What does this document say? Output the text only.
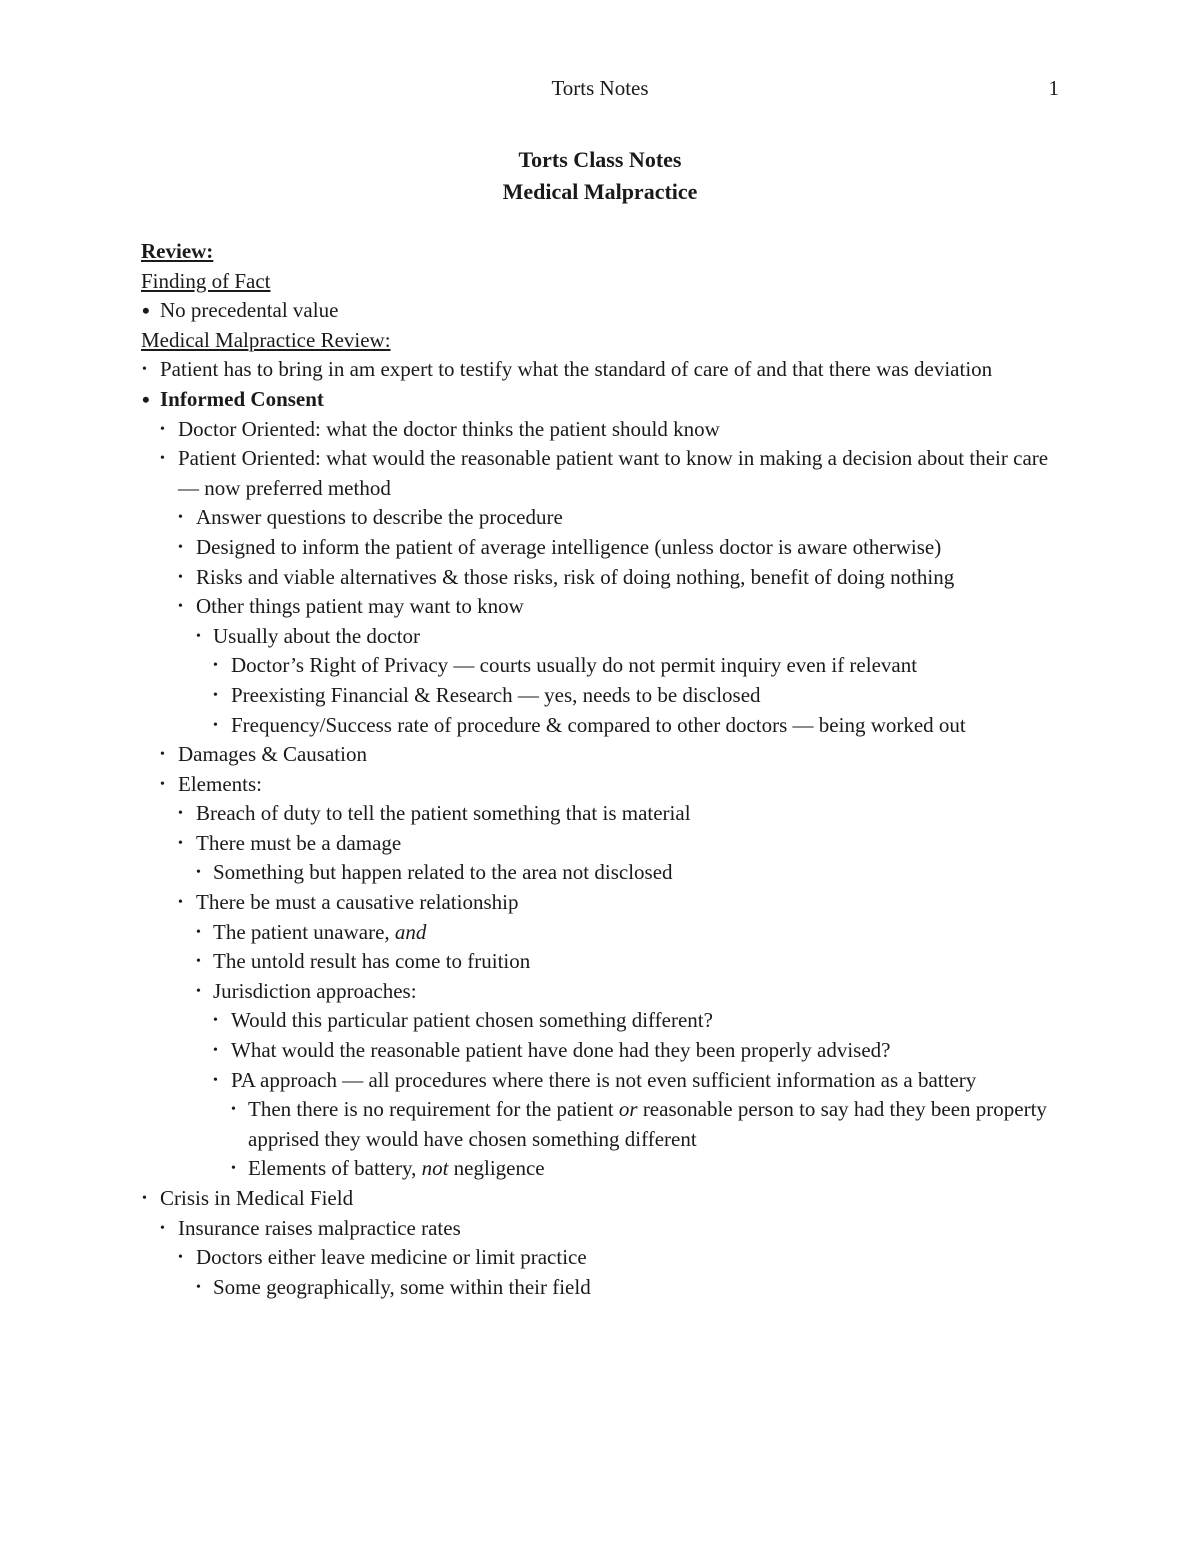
Torts Notes	1
Torts Class Notes
Medical Malpractice
Review:
Finding of Fact
• No precedental value
Medical Malpractice Review:
• Patient has to bring in am expert to testify what the standard of care of and that there was deviation
• Informed Consent
• Doctor Oriented: what the doctor thinks the patient should know
• Patient Oriented: what would the reasonable patient want to know in making a decision about their care — now preferred method
• Answer questions to describe the procedure
• Designed to inform the patient of average intelligence (unless doctor is aware otherwise)
• Risks and viable alternatives & those risks, risk of doing nothing, benefit of doing nothing
• Other things patient may want to know
• Usually about the doctor
• Doctor’s Right of Privacy — courts usually do not permit inquiry even if relevant
• Preexisting Financial & Research — yes, needs to be disclosed
• Frequency/Success rate of procedure & compared to other doctors — being worked out
• Damages & Causation
• Elements:
• Breach of duty to tell the patient something that is material
• There must be a damage
• Something but happen related to the area not disclosed
• There be must a causative relationship
• The patient unaware, and
• The untold result has come to fruition
• Jurisdiction approaches:
• Would this particular patient chosen something different?
• What would the reasonable patient have done had they been properly advised?
• PA approach — all procedures where there is not even sufficient information as a battery
• Then there is no requirement for the patient or reasonable person to say had they been property apprised they would have chosen something different
• Elements of battery, not negligence
• Crisis in Medical Field
• Insurance raises malpractice rates
• Doctors either leave medicine or limit practice
• Some geographically, some within their field
